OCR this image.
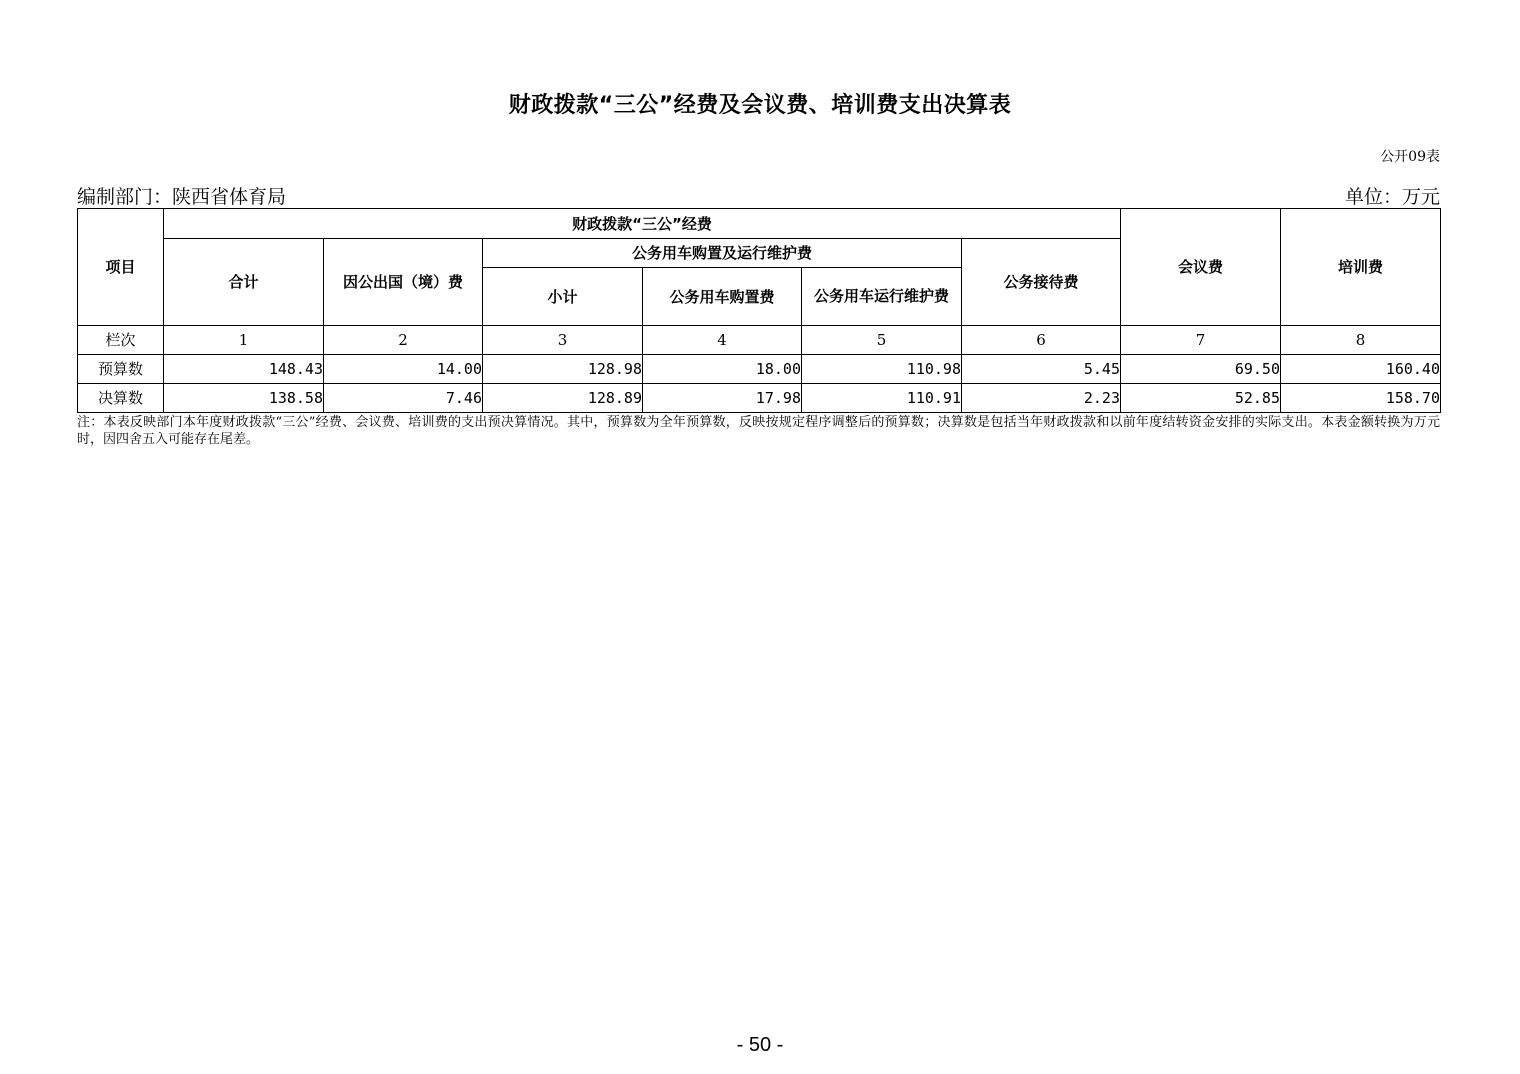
财政拨款“三公”经费及会议费、培训费支出决算表
公开09表
编制部门：陕西省体育局	单位：万元
项目	财政拨款“三公”经费						会议费	培训费
	合计	因公出国（境）费	公务用车购置及运行维护费			公务接待费		
			小计	公务用车购置费	公务用车运行维护费			
栏次	1	2	3	4	5	6	7	8
预算数	148.43	14.00	128.98	18.00	110.98	5.45	69.50	160.40
决算数	138.58	7.46	128.89	17.98	110.91	2.23	52.85	158.70
注：本表反映部门本年度财政拨款“三公”经费、会议费、培训费的支出预决算情况。其中，预算数为全年预算数，反映按规定程序调整后的预算数；决算数是包括当年财政拨款和以前年度结转资金安排的实际支出。本表金额转换为万元时，因四舍五入可能存在尾差。
- 50 -
